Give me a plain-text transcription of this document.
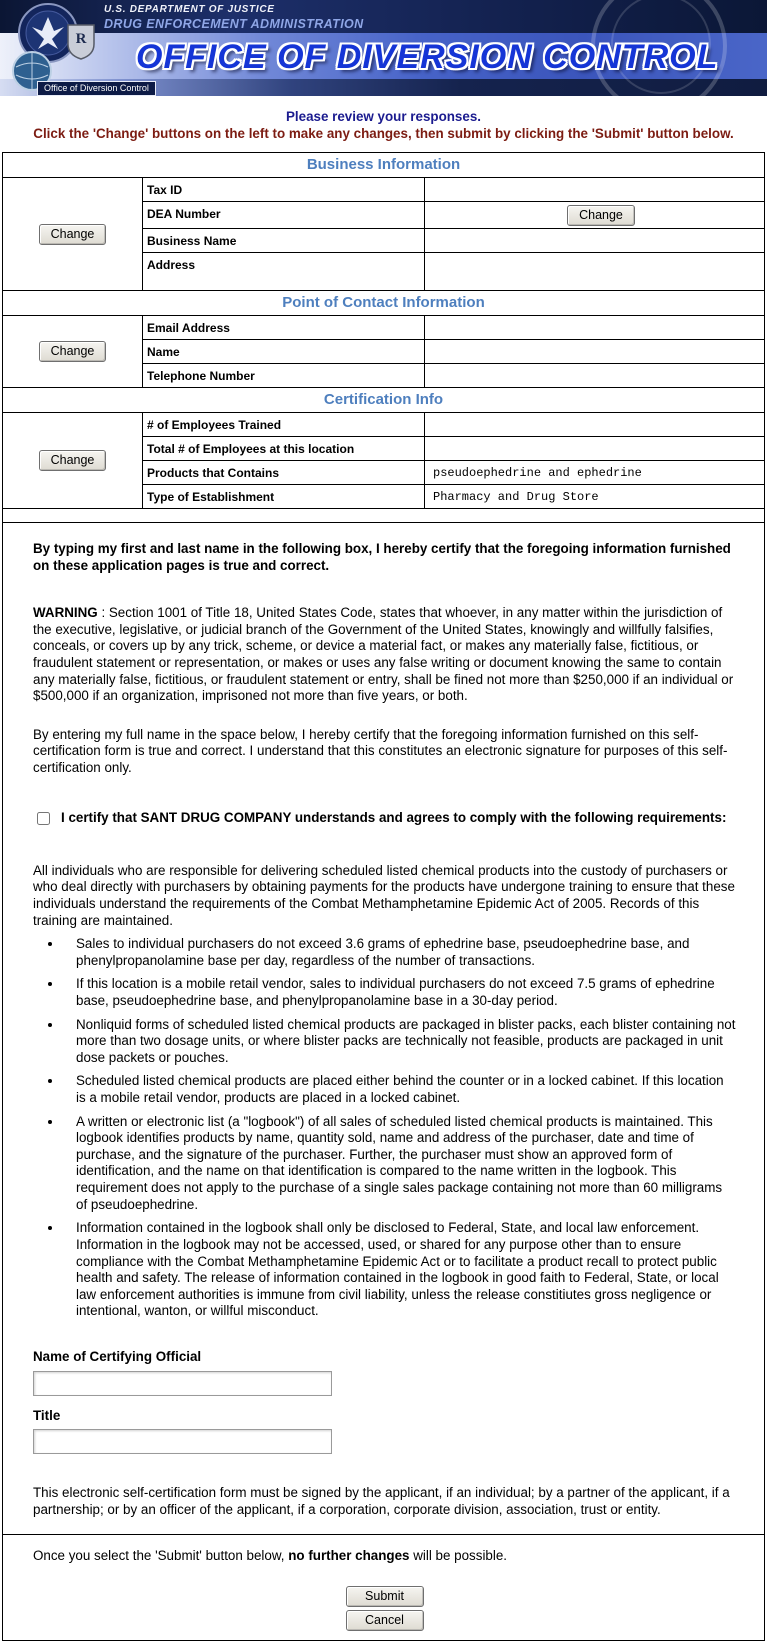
U.S. DEPARTMENT OF JUSTICE
DRUG ENFORCEMENT ADMINISTRATION
OFFICE OF DIVERSION CONTROL
R
Office of Diversion Control
Please review your responses.
Click the 'Change' buttons on the left to make any changes, then submit by clicking the 'Submit' button below.
Business Information
Change
Tax ID
DEA Number	Change
Business Name
Address
Point of Contact Information
Change
Email Address
Name
Telephone Number
Certification Info
Change
# of Employees Trained
Total # of Employees at this location
Products that Contains	pseudoephedrine and ephedrine
Type of Establishment	Pharmacy and Drug Store

By typing my first and last name in the following box, I hereby certify that the foregoing information furnished on these application pages is true and correct.

WARNING : Section 1001 of Title 18, United States Code, states that whoever, in any matter within the jurisdiction of the executive, legislative, or judicial branch of the Government of the United States, knowingly and willfully falsifies, conceals, or covers up by any trick, scheme, or device a material fact, or makes any materially false, fictitious, or fraudulent statement or representation, or makes or uses any false writing or document knowing the same to contain any materially false, fictitious, or fraudulent statement or entry, shall be fined not more than $250,000 if an individual or $500,000 if an organization, imprisoned not more than five years, or both.

By entering my full name in the space below, I hereby certify that the foregoing information furnished on this self-certification form is true and correct. I understand that this constitutes an electronic signature for purposes of this self-certification only.

I certify that SANT DRUG COMPANY understands and agrees to comply with the following requirements:

All individuals who are responsible for delivering scheduled listed chemical products into the custody of purchasers or who deal directly with purchasers by obtaining payments for the products have undergone training to ensure that these individuals understand the requirements of the Combat Methamphetamine Epidemic Act of 2005. Records of this training are maintained.

• Sales to individual purchasers do not exceed 3.6 grams of ephedrine base, pseudoephedrine base, and phenylpropanolamine base per day, regardless of the number of transactions.
• If this location is a mobile retail vendor, sales to individual purchasers do not exceed 7.5 grams of ephedrine base, pseudoephedrine base, and phenylpropanolamine base in a 30-day period.
• Nonliquid forms of scheduled listed chemical products are packaged in blister packs, each blister containing not more than two dosage units, or where blister packs are technically not feasible, products are packaged in unit dose packets or pouches.
• Scheduled listed chemical products are placed either behind the counter or in a locked cabinet. If this location is a mobile retail vendor, products are placed in a locked cabinet.
• A written or electronic list (a "logbook") of all sales of scheduled listed chemical products is maintained. This logbook identifies products by name, quantity sold, name and address of the purchaser, date and time of purchase, and the signature of the purchaser. Further, the purchaser must show an approved form of identification, and the name on that identification is compared to the name written in the logbook. This requirement does not apply to the purchase of a single sales package containing not more than 60 milligrams of pseudoephedrine.
• Information contained in the logbook shall only be disclosed to Federal, State, and local law enforcement. Information in the logbook may not be accessed, used, or shared for any purpose other than to ensure compliance with the Combat Methamphetamine Epidemic Act or to facilitate a product recall to protect public health and safety. The release of information contained in the logbook in good faith to Federal, State, or local law enforcement authorities is immune from civil liability, unless the release constitiutes gross negligence or intentional, wanton, or willful misconduct.
Name of Certifying Official
Title

This electronic self-certification form must be signed by the applicant, if an individual; by a partner of the applicant, if a partnership; or by an officer of the applicant, if a corporation, corporate division, association, trust or entity.

Once you select the 'Submit' button below, no further changes will be possible.

Submit
Cancel
